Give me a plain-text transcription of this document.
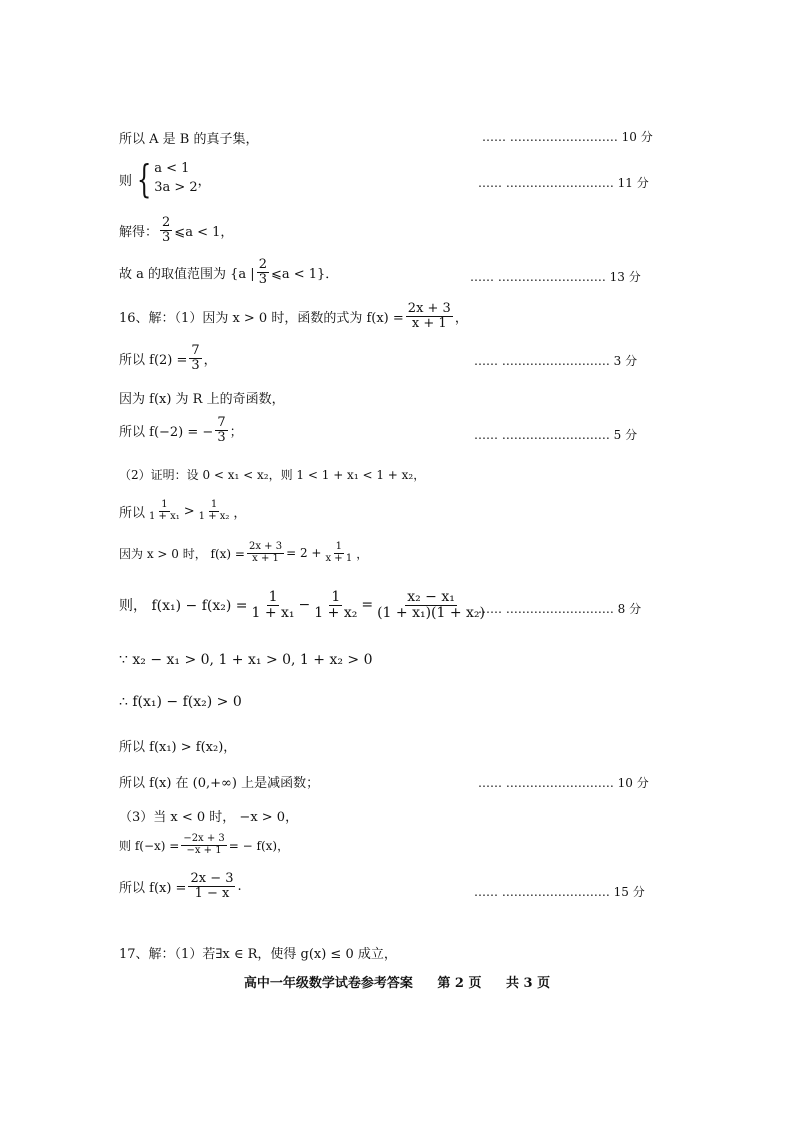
所以 A 是 B 的真子集，	…… ……………………… 10 分
则 { a < 1
3a > 2 ，	…… ……………………… 11 分
解得： $\frac{2}{3}$ ⩽a < 1，
故 a 的取值范围为 {a | $\frac{2}{3}$ ⩽a < 1}．	…… ……………………… 13 分
16、解：（1）因为 x > 0 时，函数的式为 $f(x) = \frac{2x + 3}{x + 1}$ ，
所以 $f(2) = \frac{7}{3}$ ，	…… ……………………… 3 分
因为 f(x) 为 R 上的奇函数，
所以 f(−2) = − $\frac{7}{3}$ ；	…… ……………………… 5 分
（2）证明：设 0 < x₁ < x₂，则 1 < 1 + x₁ < 1 + x₂，
所以 $\frac{1}{\text{1 + x₁}} > \frac{1}{\text{1 + x₂}}$ ，
因为 x > 0 时， $f(x) = \frac{2x + 3}{x + 1} = 2 + \frac{1}{x + 1}$ ，
则， $f(x_1) - f(x_2) = \frac{1}{\text{1 + x₁}} - \frac{1}{\text{1 + x₂}} = \frac{\text{x₂ − x₁}}{\text{(1 + x₁)(1 + x₂)}}$
…… ……………………… 8 分
∵ x₂ − x₁ > 0, 1 + x₁ > 0, 1 + x₂ > 0
∴ f(x₁) − f(x₂) > 0
所以 f(x₁) > f(x₂)，
所以 f(x) 在 (0,+∞) 上是减函数；	…… ……………………… 10 分
（3）当 x < 0 时， −x > 0，
则 $f(-x) = \frac{-2x + 3}{-x + 1}$ = − f(x)，
所以 $f(x) = \frac{2x - 3}{1 - x}$ .	…… ……………………… 15 分
17、解：（1）若∃x ∈ R，使得 g(x) ≤ 0 成立，
高中一年级数学试卷参考答案 第 2 页 共 3 页
